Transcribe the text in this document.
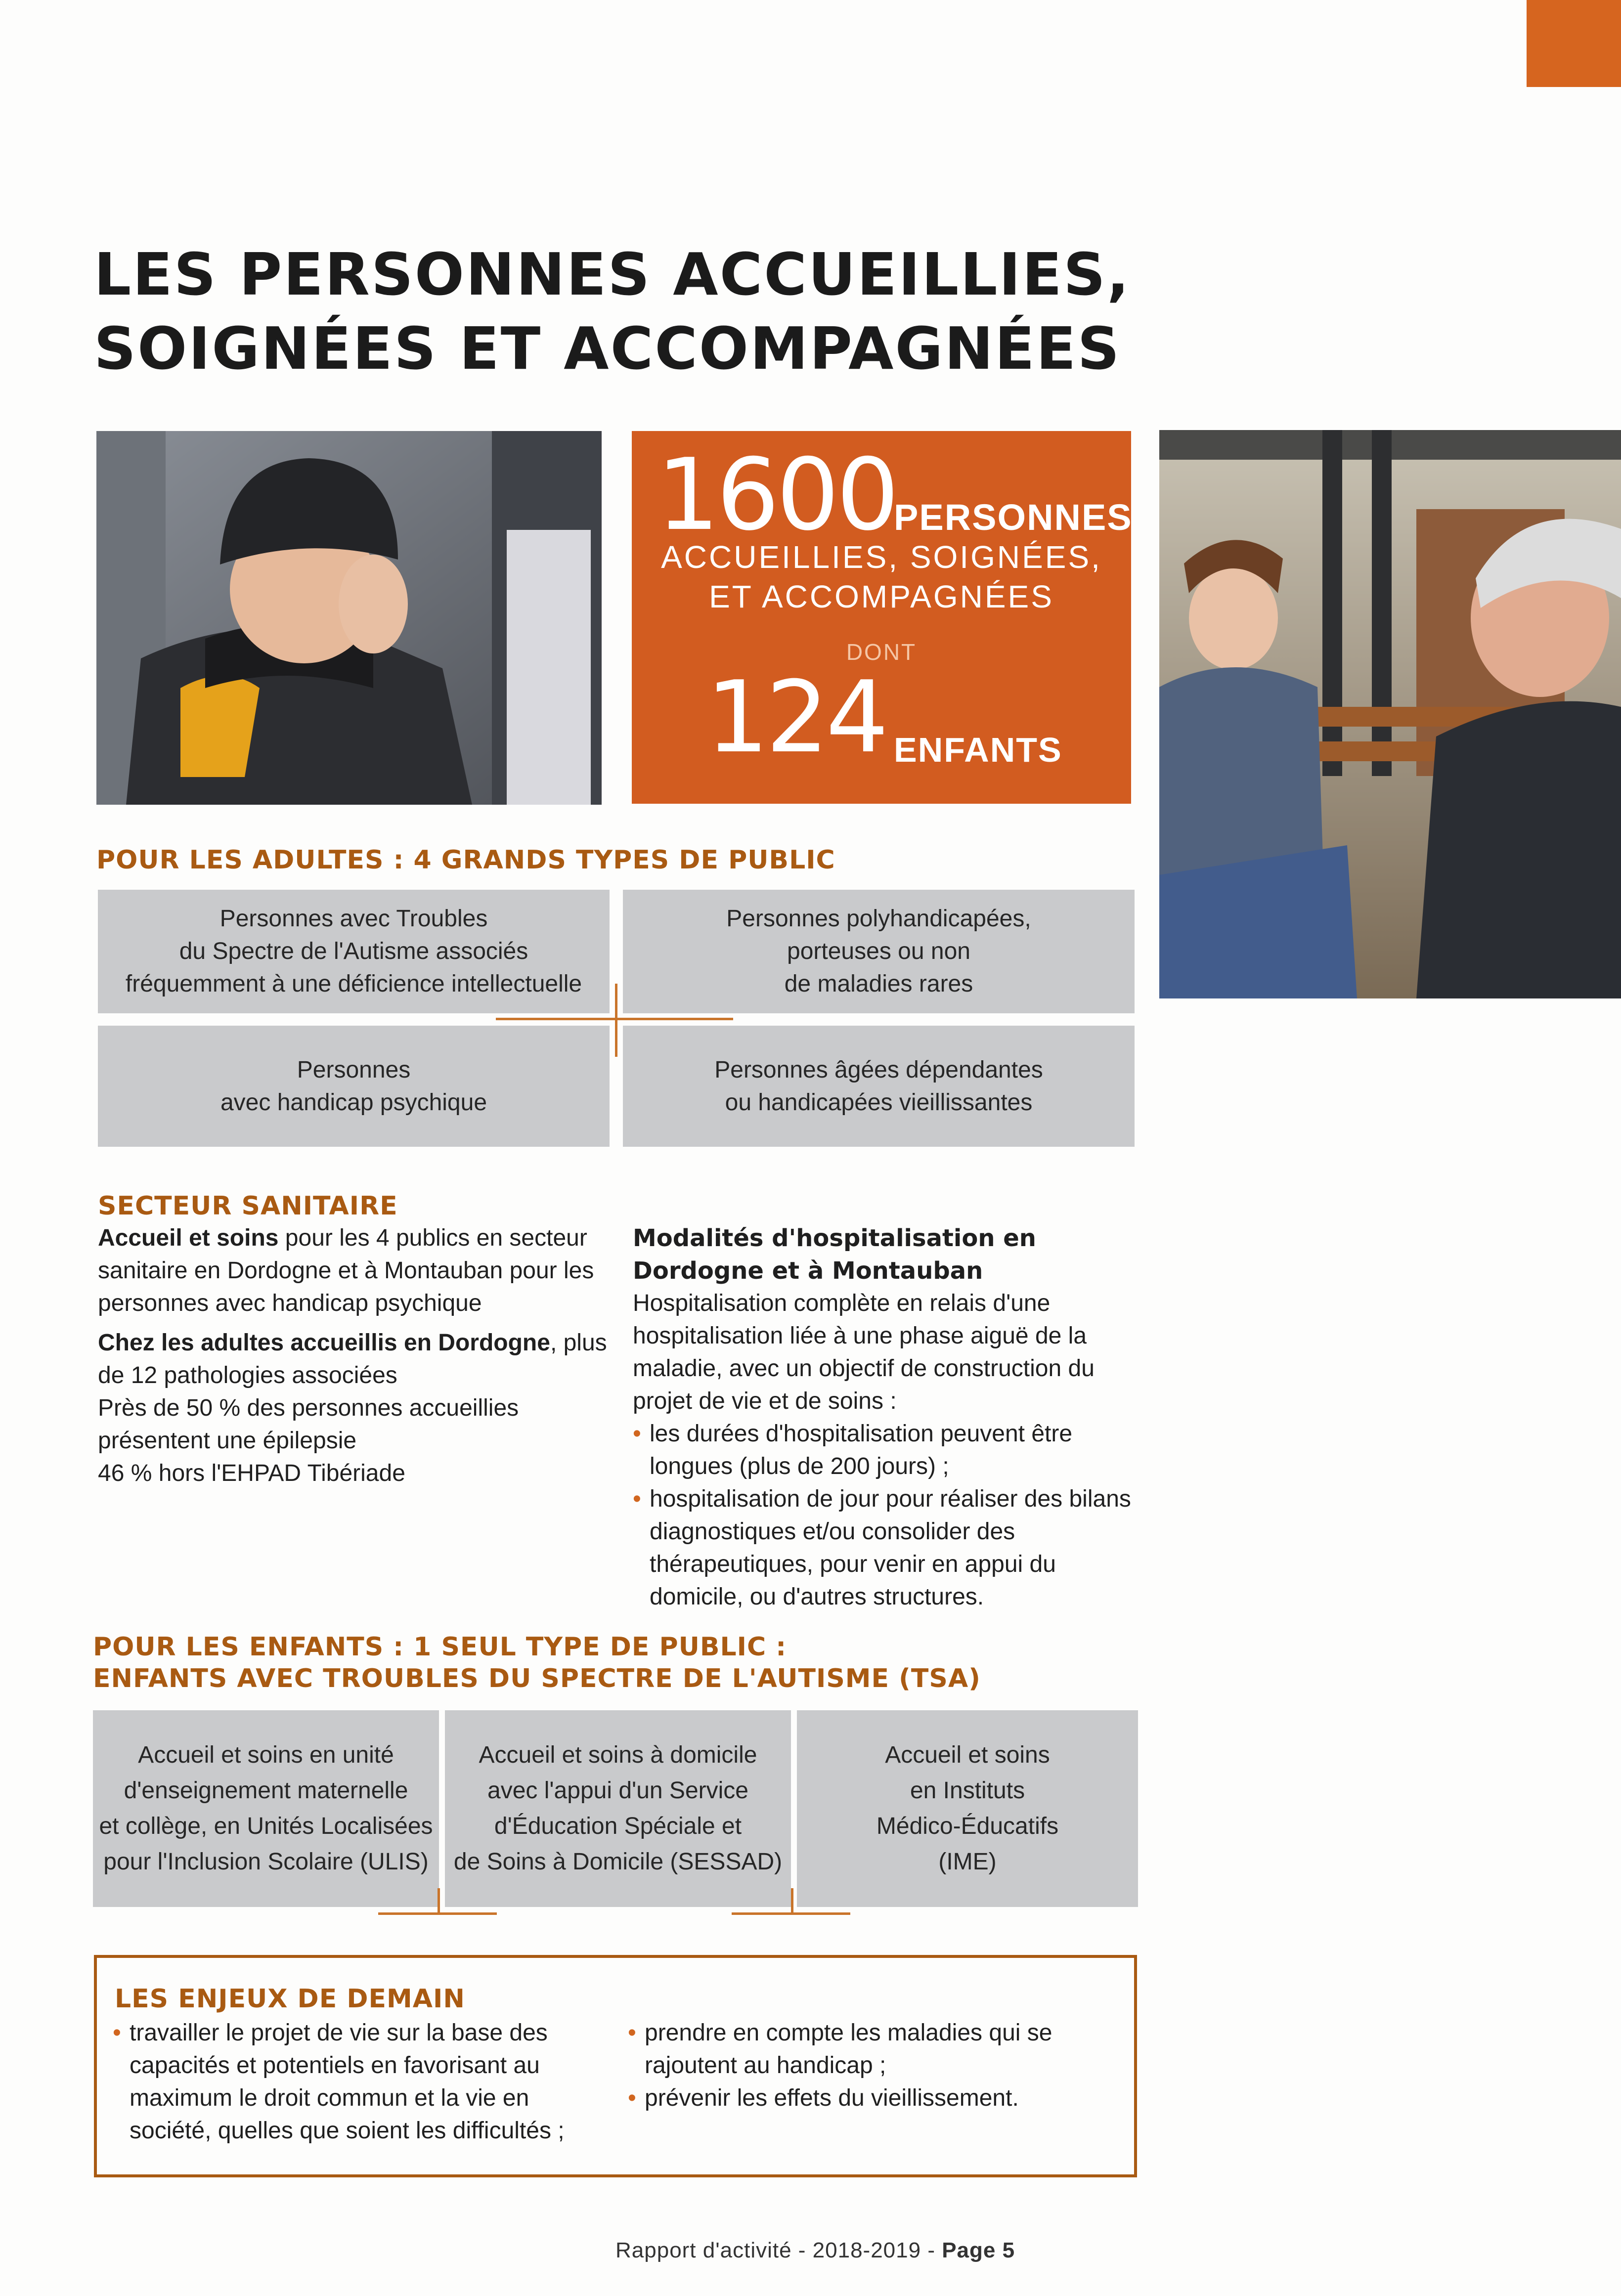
LES PERSONNES ACCUEILLIES,
SOIGNÉES ET ACCOMPAGNÉES
1600
PERSONNES
ACCUEILLIES, SOIGNÉES,
ET ACCOMPAGNÉES
DONT
124 ENFANTS
POUR LES ADULTES : 4 GRANDS TYPES DE PUBLIC
Personnes avec Troubles
du Spectre de l'Autisme associés
fréquemment à une déficience intellectuelle
Personnes polyhandicapées,
porteuses ou non
de maladies rares
Personnes
avec handicap psychique
Personnes âgées dépendantes
ou handicapées vieillissantes
SECTEUR SANITAIRE

Accueil et soins pour les 4 publics en secteur sanitaire en Dordogne et à Montauban pour les personnes avec handicap psychique

Chez les adultes accueillis en Dordogne, plus de 12 pathologies associées

Près de 50 % des personnes accueillies présentent une épilepsie

46 % hors l'EHPAD Tibériade

Modalités d'hospitalisation en Dordogne et à Montauban
Hospitalisation complète en relais d'une hospitalisation liée à une phase aiguë de la maladie, avec un objectif de construction du projet de vie et de soins :
• les durées d'hospitalisation peuvent être longues (plus de 200 jours) ;
• hospitalisation de jour pour réaliser des bilans diagnostiques et/ou consolider des thérapeutiques, pour venir en appui du domicile, ou d'autres structures.
POUR LES ENFANTS : 1 SEUL TYPE DE PUBLIC :
ENFANTS AVEC TROUBLES DU SPECTRE DE L'AUTISME (TSA)
Accueil et soins en unité
d'enseignement maternelle
et collège, en Unités Localisées
pour l'Inclusion Scolaire (ULIS)
Accueil et soins à domicile
avec l'appui d'un Service
d'Éducation Spéciale et
de Soins à Domicile (SESSAD)
Accueil et soins
en Instituts
Médico-Éducatifs
(IME)
LES ENJEUX DE DEMAIN
• travailler le projet de vie sur la base des capacités et potentiels en favorisant au maximum le droit commun et la vie en société, quelles que soient les difficultés ;
• prendre en compte les maladies qui se rajoutent au handicap ;
• prévenir les effets du vieillissement.
Rapport d'activité - 2018-2019 - Page 5
